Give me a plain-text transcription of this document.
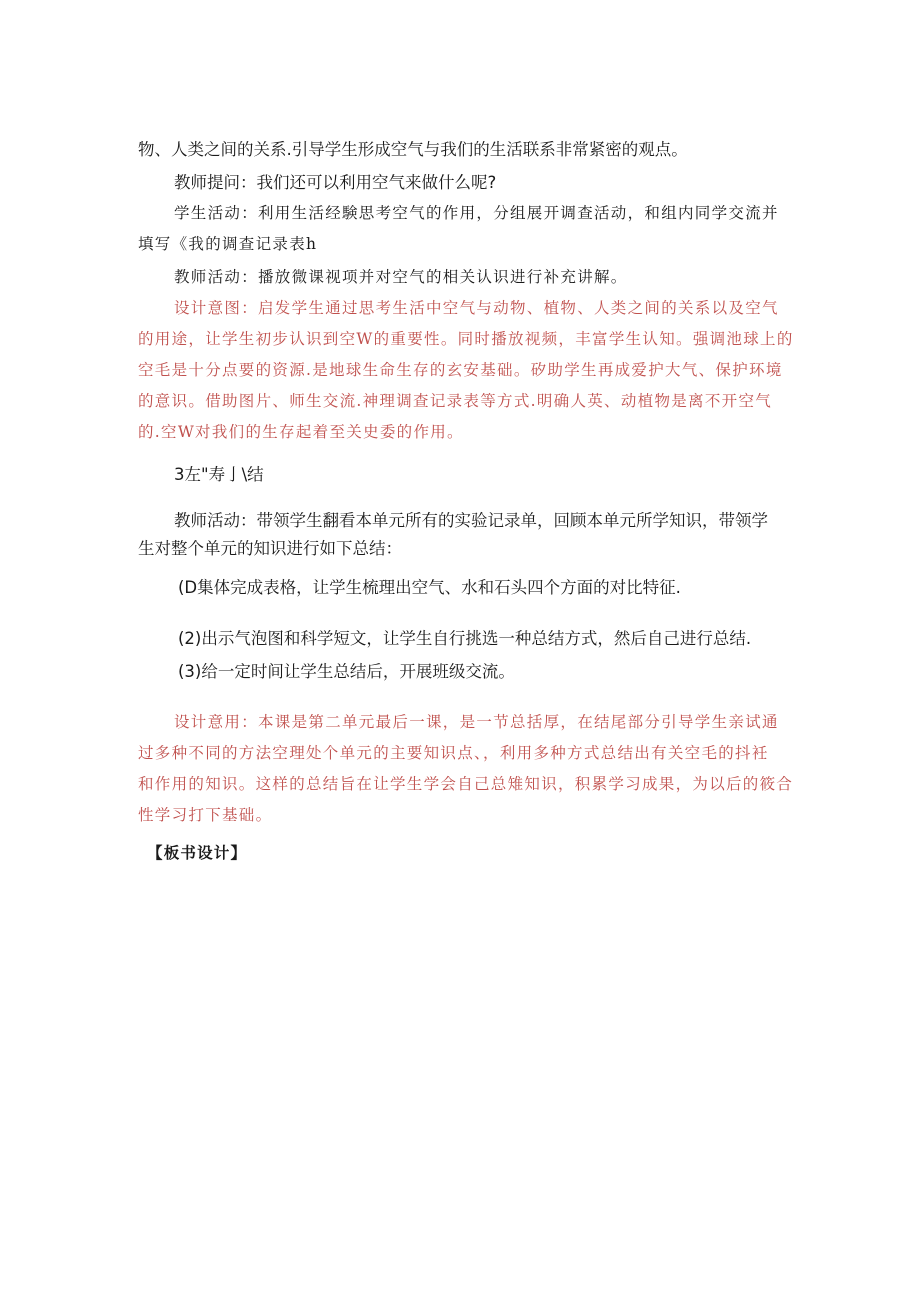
物、人类之间的关系.引导学生形成空气与我们的生活联系非常紧密的观点。
教师提问：我们还可以利用空气来做什么呢?
学生活动：利用生活经験思考空气的作用，分组展开调查活动，和组内同学交流并
填写《我的调查记录表h
教师活动：播放微课视项并对空气的相关认识进行补充讲解。
设计意图：启发学生通过思考生活中空气与动物、植物、人类之间的关系以及空气
的用途，让学生初步认识到空W的重要性。同时播放视频，丰富学生认知。强调池球上的
空毛是十分点要的资源.是地球生命生存的玄安基础。矽助学生再成爱护大气、保护环境
的意识。借助图片、师生交流.神理调查记录表等方式.明确人英、动植物是离不开空气
的.空W对我们的生存起着至关史委的作用。
3左"寿亅\结
教师活动：带领学生翻看本单元所有的实验记录单，回顾本单元所学知识，带领学
生对整个单元的知识进行如下总结：
(D集体完成表格，让学生梳理出空气、水和石头四个方面的对比特征.
(2)出示气泡图和科学短文，让学生自行挑选一种总结方式，然后自己进行总结.
(3)给一定时间让学生总结后，开展班级交流。
设计意用：本课是第二单元最后一课，是一节总括厚，在结尾部分引导学生亲试通
过多种不同的方法空理处个单元的主要知识点、，利用多种方式总结出有关空毛的抖衽
和作用的知识。这样的总结旨在让学生学会自己总雉知识，积累学习成果，为以后的筱合
性学习打下基础。
【板书设计】
